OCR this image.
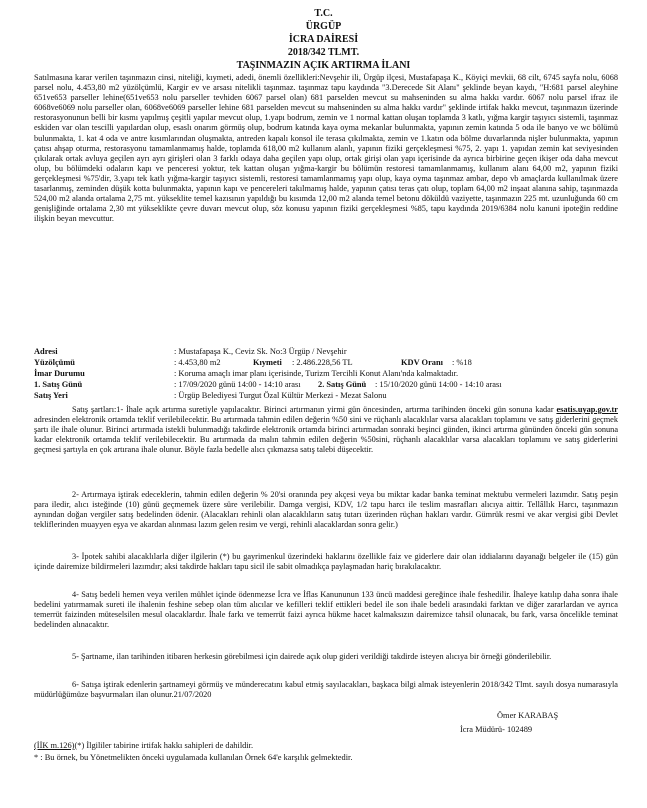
T.C.
ÜRGÜP
İCRA DAİRESİ
2018/342 TLMT.
TAŞINMAZIN AÇIK ARTIRMA İLANI
Satılmasına karar verilen taşınmazın cinsi, niteliği, kıymeti, adedi, önemli özellikleri:Nevşehir ili, Ürgüp ilçesi, Mustafapaşa K., Köyiçi mevkii, 68 cilt, 6745 sayfa nolu, 6068 parsel nolu, 4.453,80 m2 yüzölçümlü, Kargir ev ve arsası nitelikli taşınmaz. taşınmaz tapu kaydında "3.Derecede Sit Alanı" şeklinde beyan kaydı, "H:681 parsel aleyhine 651ve653 parseller lehine(651ve653 nolu parseller tevhiden 6067 parsel olan) 681 parselden mevcut su mahseninden su alma hakkı vardır. 6067 nolu parsel ifraz ile 6068ve6069 nolu parseller olan, 6068ve6069 parseller lehine 681 parselden mevcut su mahseninden su alma hakkı vardır" şeklinde irtifak hakkı mevcut, taşınmazın üzerinde restorasyonunun belli bir kısmı yapılmış çeşitli yapılar mevcut olup, 1.yapı bodrum, zemin ve 1 normal kattan oluşan toplamda 3 katlı, yığma kargir taşıyıcı sistemli, taşınmaz eskiden var olan tescilli yapılardan olup, esaslı onarım görmüş olup, bodrum katında kaya oyma mekanlar bulunmakta, yapının zemin katında 5 oda ile banyo ve wc bölümü bulunmakta, 1. kat 4 oda ve antre kısımlarından oluşmakta, antreden kapalı konsol ile terasa çıkılmakta, zemin ve 1.katın oda bölme duvarlarında nişler bulunmakta, yapının çatısı ahşap oturma, restorasyonu tamamlanmamış halde, toplamda 618,00 m2 kullanım alanlı, yapının fiziki gerçekleşmesi %75, 2. yapı 1. yapıdan zemin kat seviyesinden çıkılarak ortak avluya geçilen ayrı ayrı girişleri olan 3 farklı odaya daha geçilen yapı olup, ortak girişi olan yapı içerisinde da ayrıca birbirine geçen ikişer oda daha mevcut olup, bu bölümdeki odaların kapı ve penceresi yoktur, tek kattan oluşan yığma-kargir bu bölümün restoresi tamamlanmamış, kullanım alanı 64,00 m2, yapının fiziki gerçekleşmesi %75'dir, 3.yapı tek katlı yığma-kargir taşıyıcı sistemli, restoresi tamamlanmamış yapı olup, kaya oyma taşınmaz ambar, depo vb amaçlarda kullanılmak üzere tasarlanmış, zeminden düşük kotta bulunmakta, yapının kapı ve pencereleri takılmamış halde, yapının çatısı teras çatı olup, toplam 64,00 m2 inşaat alanına sahip, taşınmazda 524,00 m2 alanda ortalama 2,75 mt. yükseklite temel kazısının yapıldığı bu kısımda 12,00 m2 alanda temel betonu döküldü vaziyette, taşınmazın 225 mt. uzunluğunda 60 cm genişliğinde ortalama 2,30 mt yükseklikte çevre duvarı mevcut olup, söz konusu yapının fiziki gerçekleşmesi %85, tapu kaydında 2019/6384 nolu kanuni ipoteğin reddine ilişkin beyan mevcuttur.
Adresi	: Mustafapaşa K., Ceviz Sk. No:3 Ürgüp / Nevşehir
Yüzölçümü	: 4.453,80 m2	Kıymeti : 2.486.228,56 TL	KDV Oranı : %18
İmar Durumu	: Koruma amaçlı imar planı içerisinde, Turizm Tercihli Konut Alanı'nda kalmaktadır.
1. Satış Günü	: 17/09/2020 günü 14:00 - 14:10 arası 2. Satış Günü : 15/10/2020 günü 14:00 - 14:10 arası
Satış Yeri	: Ürgüp Belediyesi Turgut Özal Kültür Merkezi - Mezat Salonu
Satış şartları:1- İhale açık artırma suretiyle yapılacaktır. Birinci artırmanın yirmi gün öncesinden, artırma tarihinden önceki gün sonuna kadar esatis.uyap.gov.tr adresinden elektronik ortamda teklif verilebilecektir. Bu artırmada tahmin edilen değerin %50 sini ve rüçhanlı alacaklılar varsa alacakları toplamını ve satış giderlerini geçmek şartı ile ihale olunur. Birinci artırmada istekli bulunmadığı takdirde elektronik ortamda birinci artırmadan sonraki beşinci günden, ikinci artırma gününden önceki gün sonuna kadar elektronik ortamda teklif verilebilecektir. Bu artırmada da malın tahmin edilen değerin %50sini, rüçhanlı alacaklılar varsa alacakları toplamını ve satış giderlerini geçmesi şartıyla en çok artırana ihale olunur. Böyle fazla bedelle alıcı çıkmazsa satış talebi düşecektir.
2- Artırmaya iştirak edeceklerin, tahmin edilen değerin % 20'si oranında pey akçesi veya bu miktar kadar banka teminat mektubu vermeleri lazımdır. Satış peşin para iledir, alıcı isteğinde (10) günü geçmemek üzere süre verilebilir. Damga vergisi, KDV, 1/2 tapu harcı ile teslim masrafları alıcıya aittir. Tellâllık Harcı, taşınmazın aynından doğan vergiler satış bedelinden ödenir. (Alacakları rehinli olan alacaklıların satış tutarı üzerinden rüçhan hakları vardır. Gümrük resmi ve akar vergisi gibi Devlet tekliflerinden muayyen eşya ve akardan alınması lazım gelen resim ve vergi, rehinli alacaklardan sonra gelir.)
3- İpotek sahibi alacaklılarla diğer ilgilerin (*) bu gayrimenkul üzerindeki haklarını özellikle faiz ve giderlere dair olan iddialarını dayanağı belgeler ile (15) gün içinde dairemize bildirmeleri lazımdır; aksi takdirde hakları tapu sicil ile sabit olmadıkça paylaşmadan hariç bırakılacaktır.
4- Satış bedeli hemen veya verilen mühlet içinde ödenmezse İcra ve İflas Kanununun 133 üncü maddesi gereğince ihale feshedilir. İhaleye katılıp daha sonra ihale bedelini yatırmamak sureti ile ihalenin feshine sebep olan tüm alıcılar ve kefilleri teklif ettikleri bedel ile son ihale bedeli arasındaki farktan ve diğer zararlardan ve ayrıca temerrüt faizinden müteselsilen mesul olacaklardır. İhale farkı ve temerrüt faizi ayrıca hükme hacet kalmaksızın dairemizce tahsil olunacak, bu fark, varsa öncelikle teminat bedelinden alınacaktır.
5- Şartname, ilan tarihinden itibaren herkesin görebilmesi için dairede açık olup gideri verildiği takdirde isteyen alıcıya bir örneği gönderilebilir.
6- Satışa iştirak edenlerin şartnameyi görmüş ve münderecatını kabul etmiş sayılacakları, başkaca bilgi almak isteyenlerin 2018/342 Tlmt. sayılı dosya numarasıyla müdürlüğümüze başvurmaları ilan olunur.21/07/2020
Ömer KARABAŞ
İcra Müdürü- 102489
(İİK m.126)(*) İlgililer tabirine irtifak hakkı sahipleri de dahildir.
* : Bu örnek, bu Yönetmelikten önceki uygulamada kullanılan Örnek 64'e karşılık gelmektedir.
